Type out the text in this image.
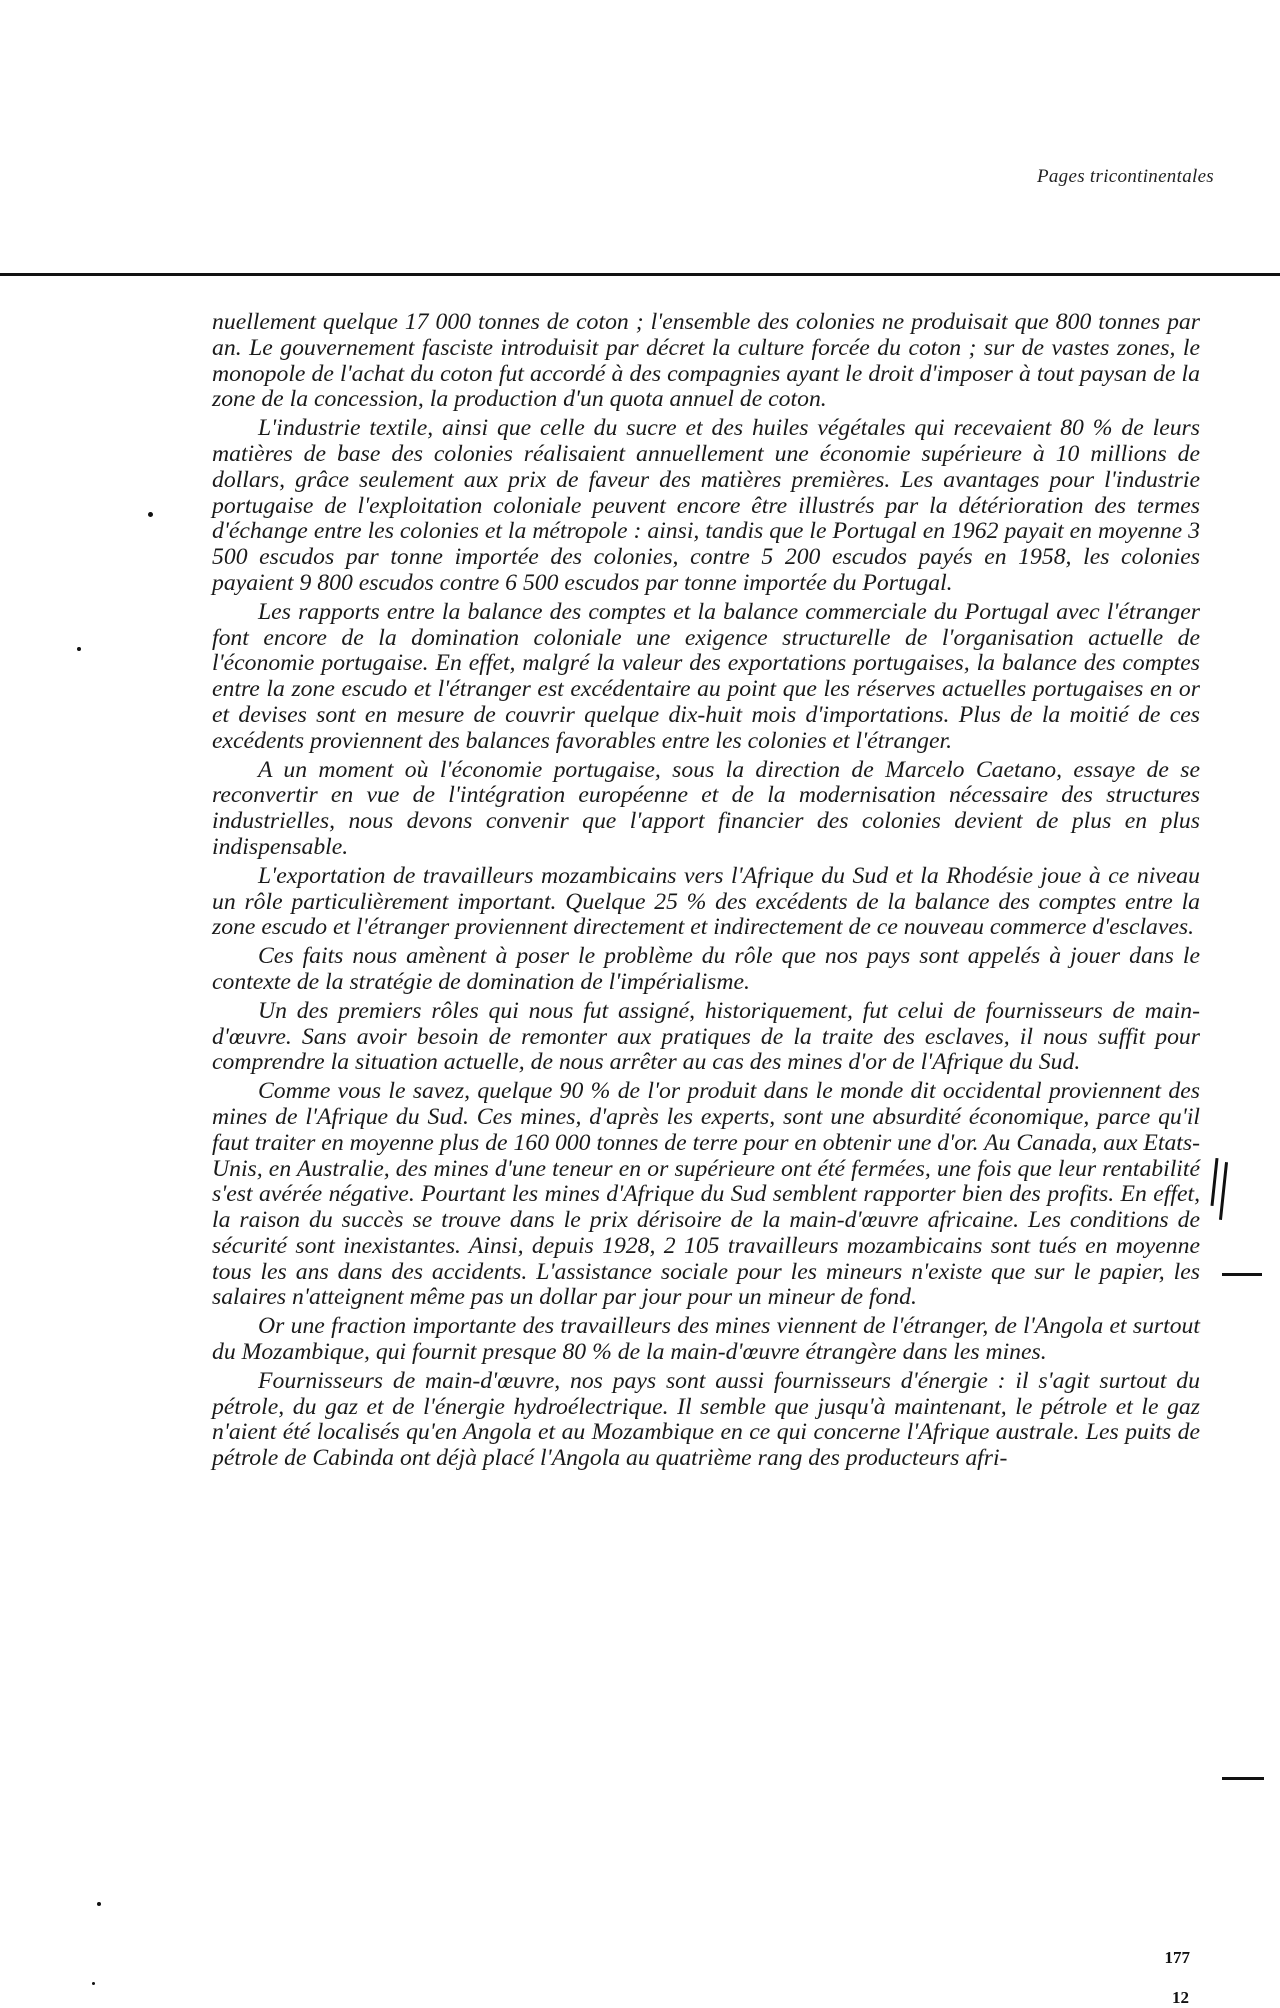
Pages tricontinentales

nuellement quelque 17 000 tonnes de coton ; l'ensemble des colonies ne produisait que 800 tonnes par an. Le gouvernement fasciste introduisit par décret la culture forcée du coton ; sur de vastes zones, le monopole de l'achat du coton fut accordé à des compagnies ayant le droit d'imposer à tout paysan de la zone de la concession, la production d'un quota annuel de coton.

L'industrie textile, ainsi que celle du sucre et des huiles végétales qui recevaient 80 % de leurs matières de base des colonies réalisaient annuellement une économie supérieure à 10 millions de dollars, grâce seulement aux prix de faveur des matières premières. Les avantages pour l'industrie portugaise de l'exploitation coloniale peuvent encore être illustrés par la détérioration des termes d'échange entre les colonies et la métropole : ainsi, tandis que le Portugal en 1962 payait en moyenne 3 500 escudos par tonne importée des colonies, contre 5 200 escudos payés en 1958, les colonies payaient 9 800 escudos contre 6 500 escudos par tonne importée du Portugal.

Les rapports entre la balance des comptes et la balance commerciale du Portugal avec l'étranger font encore de la domination coloniale une exigence structurelle de l'organisation actuelle de l'économie portugaise. En effet, malgré la valeur des exportations portugaises, la balance des comptes entre la zone escudo et l'étranger est excédentaire au point que les réserves actuelles portugaises en or et devises sont en mesure de couvrir quelque dix-huit mois d'importations. Plus de la moitié de ces excédents proviennent des balances favorables entre les colonies et l'étranger.

A un moment où l'économie portugaise, sous la direction de Marcelo Caetano, essaye de se reconvertir en vue de l'intégration européenne et de la modernisation nécessaire des structures industrielles, nous devons convenir que l'apport financier des colonies devient de plus en plus indispensable.

L'exportation de travailleurs mozambicains vers l'Afrique du Sud et la Rhodésie joue à ce niveau un rôle particulièrement important. Quelque 25 % des excédents de la balance des comptes entre la zone escudo et l'étranger proviennent directement et indirectement de ce nouveau commerce d'esclaves.

Ces faits nous amènent à poser le problème du rôle que nos pays sont appelés à jouer dans le contexte de la stratégie de domination de l'impérialisme.

Un des premiers rôles qui nous fut assigné, historiquement, fut celui de fournisseurs de main-d'œuvre. Sans avoir besoin de remonter aux pratiques de la traite des esclaves, il nous suffit pour comprendre la situation actuelle, de nous arrêter au cas des mines d'or de l'Afrique du Sud.

Comme vous le savez, quelque 90 % de l'or produit dans le monde dit occidental proviennent des mines de l'Afrique du Sud. Ces mines, d'après les experts, sont une absurdité économique, parce qu'il faut traiter en moyenne plus de 160 000 tonnes de terre pour en obtenir une d'or. Au Canada, aux Etats-Unis, en Australie, des mines d'une teneur en or supérieure ont été fermées, une fois que leur rentabilité s'est avérée négative. Pourtant les mines d'Afrique du Sud semblent rapporter bien des profits. En effet, la raison du succès se trouve dans le prix dérisoire de la main-d'œuvre africaine. Les conditions de sécurité sont inexistantes. Ainsi, depuis 1928, 2 105 travailleurs mozambicains sont tués en moyenne tous les ans dans des accidents. L'assistance sociale pour les mineurs n'existe que sur le papier, les salaires n'atteignent même pas un dollar par jour pour un mineur de fond.

Or une fraction importante des travailleurs des mines viennent de l'étranger, de l'Angola et surtout du Mozambique, qui fournit presque 80 % de la main-d'œuvre étrangère dans les mines.

Fournisseurs de main-d'œuvre, nos pays sont aussi fournisseurs d'énergie : il s'agit surtout du pétrole, du gaz et de l'énergie hydroélectrique. Il semble que jusqu'à maintenant, le pétrole et le gaz n'aient été localisés qu'en Angola et au Mozambique en ce qui concerne l'Afrique australe. Les puits de pétrole de Cabinda ont déjà placé l'Angola au quatrième rang des producteurs afri-

177
12
